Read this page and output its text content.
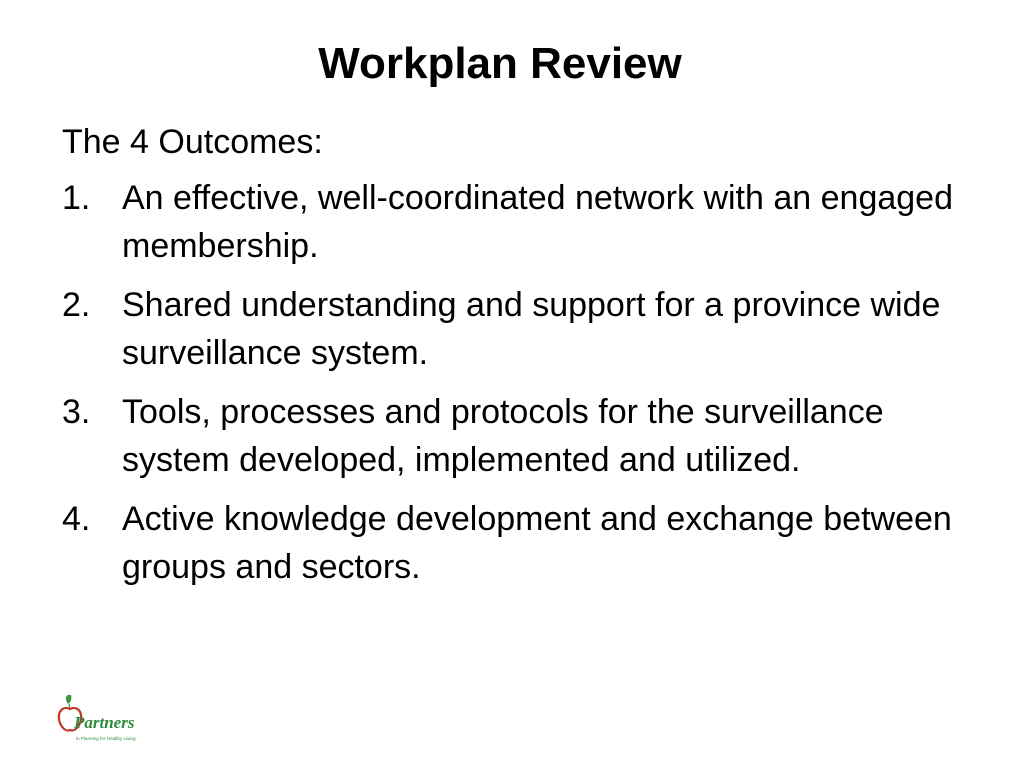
Workplan Review
The 4 Outcomes:
1. An effective, well-coordinated network with an engaged membership.
2. Shared understanding and support for a province wide surveillance system.
3. Tools, processes and protocols for the surveillance system developed, implemented and utilized.
4. Active knowledge development and exchange between groups and sectors.
Partners
in Planning for Healthy Living
